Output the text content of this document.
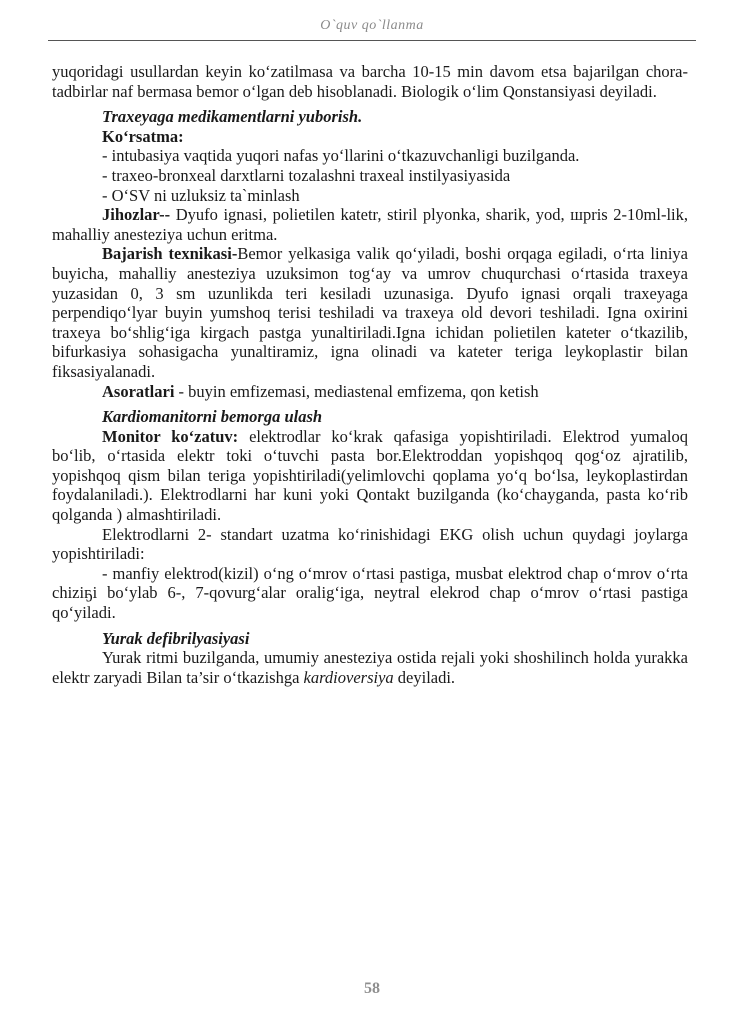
O`quv qo`llanma

yuqoridagi usullardan keyin ko‘zatilmasa va barcha 10-15 min davom etsa bajarilgan chora-tadbirlar naf bermasa bemor o‘lgan deb hisoblanadi. Biologik o‘lim Qonstansiyasi deyiladi.

Traxeyaga medikamentlarni yuborish.

Ko‘rsatma:

- intubasiya vaqtida yuqori nafas yo‘llarini o‘tkazuvchanligi buzilganda.

- traxeo-bronxeal darxtlarni tozalashni traxeal instilyasiyasida

- O‘SV ni uzluksiz ta`minlash

Jihozlar-- Dyufo ignasi, polietilen katetr, stiril plyonka, sharik, yod, шpris 2-10ml-lik, mahalliy anesteziya uchun eritma.

Bajarish texnikasi-Bemor yelkasiga valik qo‘yiladi, boshi orqaga egiladi, o‘rta liniya buyicha, mahalliy anesteziya uzuksimon tog‘ay va umrov chuqurchasi o‘rtasida traxeya yuzasidan 0, 3 sm uzunlikda teri kesiladi uzunasiga. Dyufo ignasi orqali traxeyaga perpendiqo‘lyar buyin yumshoq terisi teshiladi va traxeya old devori teshiladi. Igna oxirini traxeya bo‘shlig‘iga kirgach pastga yunaltiriladi.Igna ichidan polietilen kateter o‘tkazilib, bifurkasiya sohasigacha yunaltiramiz, igna olinadi va kateter teriga leykoplastir bilan fiksasiyalanadi.

Asoratlari - buyin emfizemasi, mediastenal emfizema, qon ketish

Kardiomanitorni bemorga ulash

Monitor ko‘zatuv: elektrodlar ko‘krak qafasiga yopishtiriladi. Elektrod yumaloq bo‘lib, o‘rtasida elektr toki o‘tuvchi pasta bor.Elektroddan yopishqoq qog‘oz ajratilib, yopishqoq qism bilan teriga yopishtiriladi(yelimlovchi qoplama yo‘q bo‘lsa, leykoplastirdan foydalaniladi.). Elektrodlarni har kuni yoki Qontakt buzilganda (ko‘chayganda, pasta ko‘rib qolganda ) almashtiriladi.

Elektrodlarni 2- standart uzatma ko‘rinishidagi EKG olish uchun quydagi joylarga yopishtiriladi:

- manfiy elektrod(kizil) o‘ng o‘mrov o‘rtasi pastiga, musbat elektrod chap o‘mrov o‘rta chiziҕi bo‘ylab 6-, 7-qovurg‘alar oralig‘iga, neytral elekrod chap o‘mrov o‘rtasi pastiga qo‘yiladi.

Yurak defibrilyasiyasi

Yurak ritmi buzilganda, umumiy anesteziya ostida rejali yoki shoshilinch holda yurakka elektr zaryadi Bilan ta’sir o‘tkazishga kardioversiya deyiladi.

58
